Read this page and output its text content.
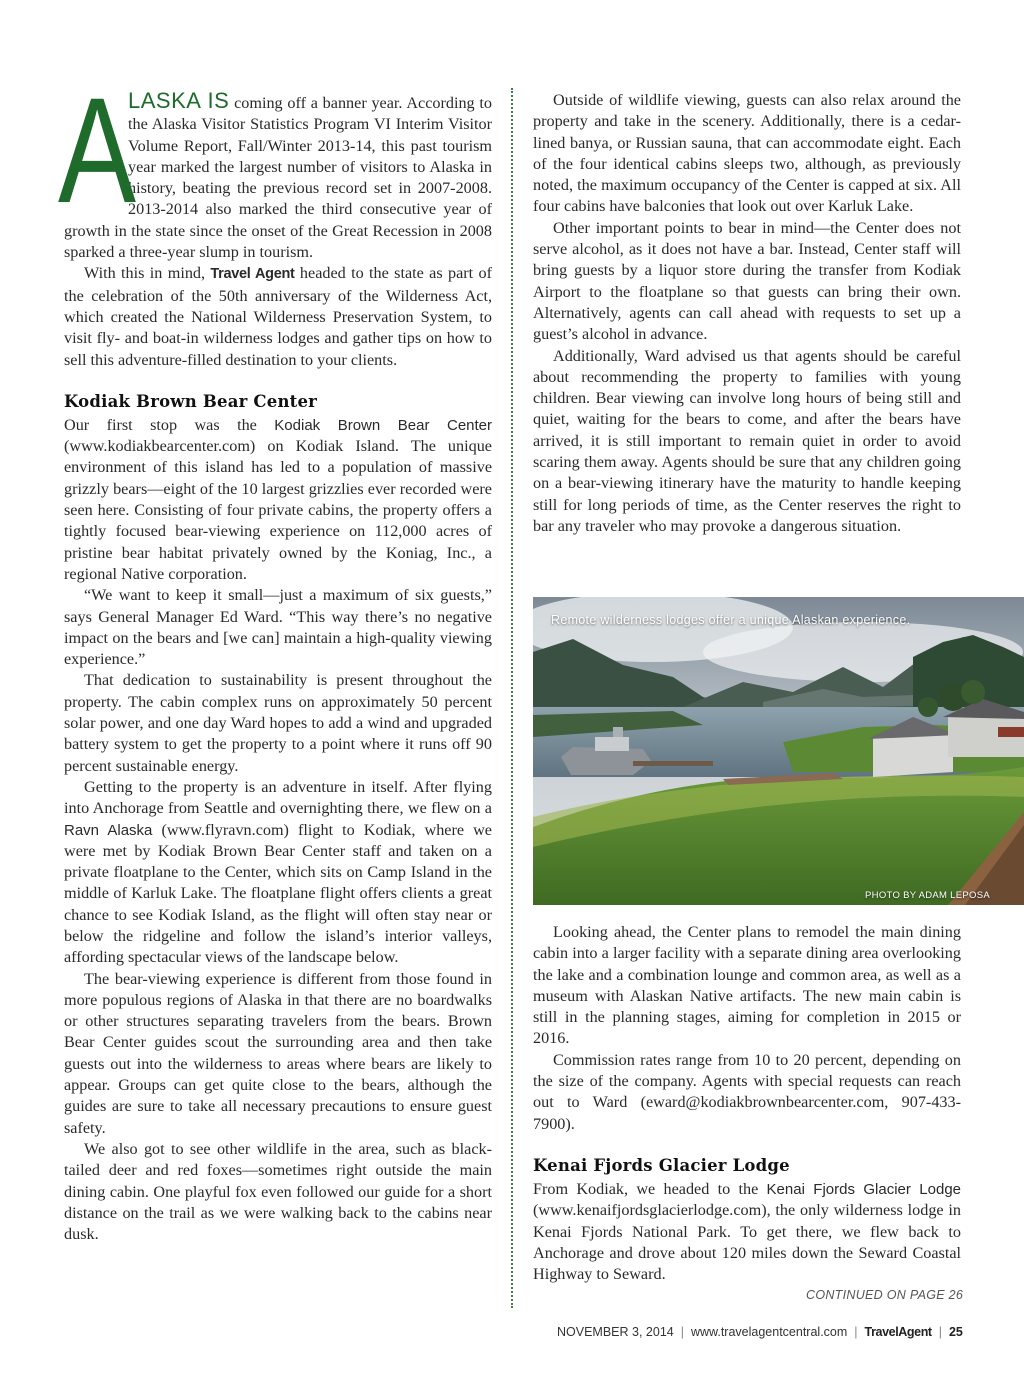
A

LASKA IS coming off a banner year. According to the Alaska Visitor Statistics Program VI Interim Visitor Volume Report, Fall/Winter 2013-14, this past tourism year marked the largest number of visitors to Alaska in history, beating the previous record set in 2007-2008. 2013-2014 also marked the third consecutive year of growth in the state since the onset of the Great Recession in 2008 sparked a three-year slump in tourism.

With this in mind, Travel Agent headed to the state as part of the celebration of the 50th anniversary of the Wilderness Act, which created the National Wilderness Preservation System, to visit fly- and boat-in wilderness lodges and gather tips on how to sell this adventure-filled destination to your clients.

Kodiak Brown Bear Center

Our first stop was the Kodiak Brown Bear Center (www.kodiakbearcenter.com) on Kodiak Island. The unique environment of this island has led to a population of massive grizzly bears—eight of the 10 largest grizzlies ever recorded were seen here. Consisting of four private cabins, the property offers a tightly focused bear-viewing experience on 112,000 acres of pristine bear habitat privately owned by the Koniag, Inc., a regional Native corporation.

“We want to keep it small—just a maximum of six guests,” says General Manager Ed Ward. “This way there’s no negative impact on the bears and [we can] maintain a high-quality viewing experience.”

That dedication to sustainability is present throughout the property. The cabin complex runs on approximately 50 percent solar power, and one day Ward hopes to add a wind and upgraded battery system to get the property to a point where it runs off 90 percent sustainable energy.

Getting to the property is an adventure in itself. After flying into Anchorage from Seattle and overnighting there, we flew on a Ravn Alaska (www.flyravn.com) flight to Kodiak, where we were met by Kodiak Brown Bear Center staff and taken on a private floatplane to the Center, which sits on Camp Island in the middle of Karluk Lake. The floatplane flight offers clients a great chance to see Kodiak Island, as the flight will often stay near or below the ridgeline and follow the island’s interior valleys, affording spectacular views of the landscape below.

The bear-viewing experience is different from those found in more populous regions of Alaska in that there are no boardwalks or other structures separating travelers from the bears. Brown Bear Center guides scout the surrounding area and then take guests out into the wilderness to areas where bears are likely to appear. Groups can get quite close to the bears, although the guides are sure to take all necessary precautions to ensure guest safety.

We also got to see other wildlife in the area, such as black-tailed deer and red foxes—sometimes right outside the main dining cabin. One playful fox even followed our guide for a short distance on the trail as we were walking back to the cabins near dusk.

Outside of wildlife viewing, guests can also relax around the property and take in the scenery. Additionally, there is a cedar-lined banya, or Russian sauna, that can accommodate eight. Each of the four identical cabins sleeps two, although, as previously noted, the maximum occupancy of the Center is capped at six. All four cabins have balconies that look out over Karluk Lake.

Other important points to bear in mind—the Center does not serve alcohol, as it does not have a bar. Instead, Center staff will bring guests by a liquor store during the transfer from Kodiak Airport to the floatplane so that guests can bring their own. Alternatively, agents can call ahead with requests to set up a guest’s alcohol in advance.

Additionally, Ward advised us that agents should be careful about recommending the property to families with young children. Bear viewing can involve long hours of being still and quiet, waiting for the bears to come, and after the bears have arrived, it is still important to remain quiet in order to avoid scaring them away. Agents should be sure that any children going on a bear-viewing itinerary have the maturity to handle keeping still for long periods of time, as the Center reserves the right to bar any traveler who may provoke a dangerous situation.

Remote wilderness lodges offer a unique Alaskan experience.
PHOTO BY ADAM LEPOSA

Looking ahead, the Center plans to remodel the main dining cabin into a larger facility with a separate dining area overlooking the lake and a combination lounge and common area, as well as a museum with Alaskan Native artifacts. The new main cabin is still in the planning stages, aiming for completion in 2015 or 2016.

Commission rates range from 10 to 20 percent, depending on the size of the company. Agents with special requests can reach out to Ward (eward@kodiakbrownbearcenter.com, 907-433-7900).

Kenai Fjords Glacier Lodge

From Kodiak, we headed to the Kenai Fjords Glacier Lodge (www.kenaifjordsglacierlodge.com), the only wilderness lodge in Kenai Fjords National Park. To get there, we flew back to Anchorage and drove about 120 miles down the Seward Coastal Highway to Seward.

CONTINUED ON PAGE 26
NOVEMBER 3, 2014 | www.travelagentcentral.com | TravelAgent | 25
